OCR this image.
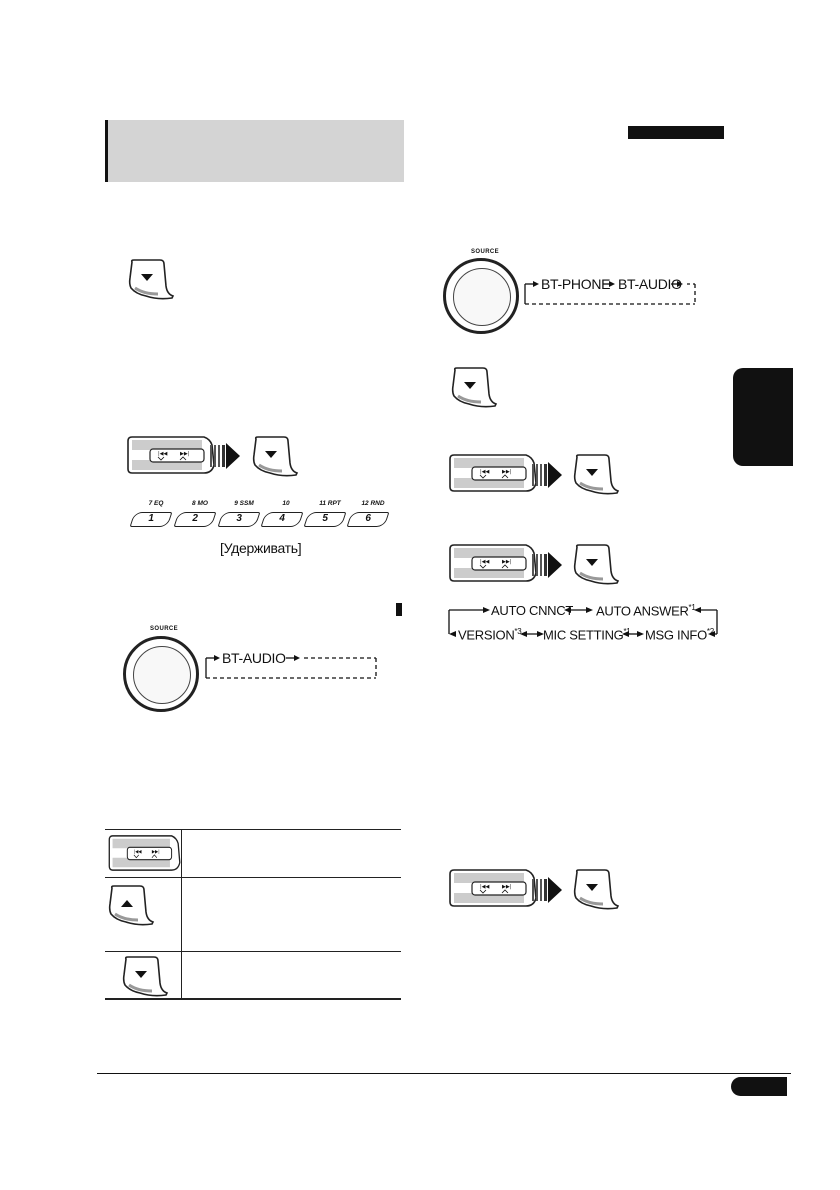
7 EQ	8 MO	9 SSM	10	11 RPT	12 RND
1	2	3	4	5	6
[Удерживать]
SOURCE
BT-AUDIO
SOURCE
BT-PHONE BT-AUDIO
AUTO CNNCT AUTO ANSWER$^{*1}$
VERSION$^{*3}$ MIC SETTING$^{*1}$ MSG INFO$^{*2}$
